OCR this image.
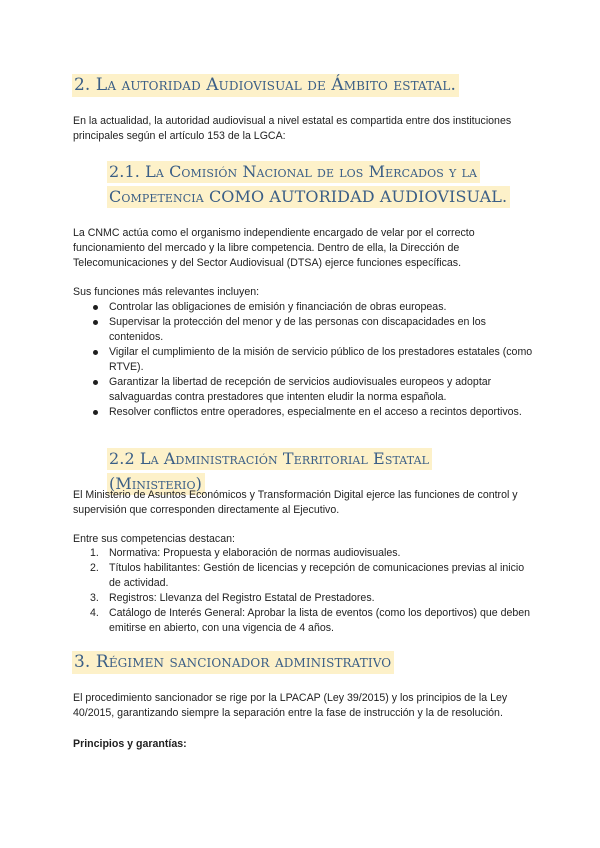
2. La autoridad Audiovisual de Ámbito estatal.

En la actualidad, la autoridad audiovisual a nivel estatal es compartida entre dos instituciones principales según el artículo 153 de la LGCA:

2.1. La Comisión Nacional de los Mercados y la Competencia COMO AUTORIDAD AUDIOVISUAL.

La CNMC actúa como el organismo independiente encargado de velar por el correcto funcionamiento del mercado y la libre competencia. Dentro de ella, la Dirección de Telecomunicaciones y del Sector Audiovisual (DTSA) ejerce funciones específicas.

Sus funciones más relevantes incluyen:

Controlar las obligaciones de emisión y financiación de obras europeas.
Supervisar la protección del menor y de las personas con discapacidades en los contenidos.
Vigilar el cumplimiento de la misión de servicio público de los prestadores estatales (como RTVE).
Garantizar la libertad de recepción de servicios audiovisuales europeos y adoptar salvaguardas contra prestadores que intenten eludir la norma española.
Resolver conflictos entre operadores, especialmente en el acceso a recintos deportivos.
2.2 La Administración Territorial Estatal (Ministerio)

El Ministerio de Asuntos Económicos y Transformación Digital ejerce las funciones de control y supervisión que corresponden directamente al Ejecutivo.

Entre sus competencias destacan:

1. Normativa: Propuesta y elaboración de normas audiovisuales.
2. Títulos habilitantes: Gestión de licencias y recepción de comunicaciones previas al inicio de actividad.
3. Registros: Llevanza del Registro Estatal de Prestadores.
4. Catálogo de Interés General: Aprobar la lista de eventos (como los deportivos) que deben emitirse en abierto, con una vigencia de 4 años.
3. Régimen sancionador administrativo

El procedimiento sancionador se rige por la LPACAP (Ley 39/2015) y los principios de la Ley 40/2015, garantizando siempre la separación entre la fase de instrucción y la de resolución.

Principios y garantías:
